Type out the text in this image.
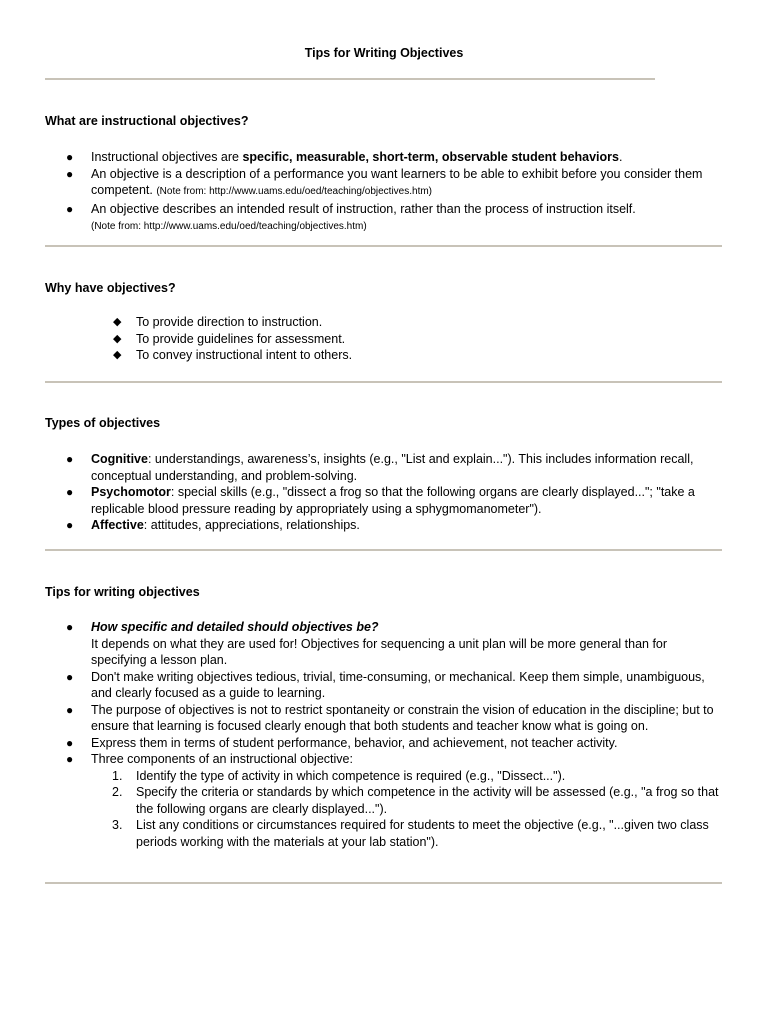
Tips for Writing Objectives
What are instructional objectives?
● Instructional objectives are specific, measurable, short-term, observable student behaviors.
● An objective is a description of a performance you want learners to be able to exhibit before you consider them competent. (Note from: http://www.uams.edu/oed/teaching/objectives.htm)
● An objective describes an intended result of instruction, rather than the process of instruction itself.
(Note from: http://www.uams.edu/oed/teaching/objectives.htm)
Why have objectives?
◆ To provide direction to instruction.
◆ To provide guidelines for assessment.
◆ To convey instructional intent to others.
Types of objectives
● Cognitive: understandings, awareness’s, insights (e.g., "List and explain..."). This includes information recall, conceptual understanding, and problem-solving.
● Psychomotor: special skills (e.g., "dissect a frog so that the following organs are clearly displayed..."; "take a replicable blood pressure reading by appropriately using a sphygmomanometer").
● Affective: attitudes, appreciations, relationships.
Tips for writing objectives
● How specific and detailed should objectives be?
It depends on what they are used for! Objectives for sequencing a unit plan will be more general than for specifying a lesson plan.
● Don't make writing objectives tedious, trivial, time-consuming, or mechanical. Keep them simple, unambiguous, and clearly focused as a guide to learning.
● The purpose of objectives is not to restrict spontaneity or constrain the vision of education in the discipline; but to ensure that learning is focused clearly enough that both students and teacher know what is going on.
● Express them in terms of student performance, behavior, and achievement, not teacher activity.
● Three components of an instructional objective:
1. Identify the type of activity in which competence is required (e.g., "Dissect...").
2. Specify the criteria or standards by which competence in the activity will be assessed (e.g., "a frog so that the following organs are clearly displayed...").
3. List any conditions or circumstances required for students to meet the objective (e.g., "...given two class periods working with the materials at your lab station").
